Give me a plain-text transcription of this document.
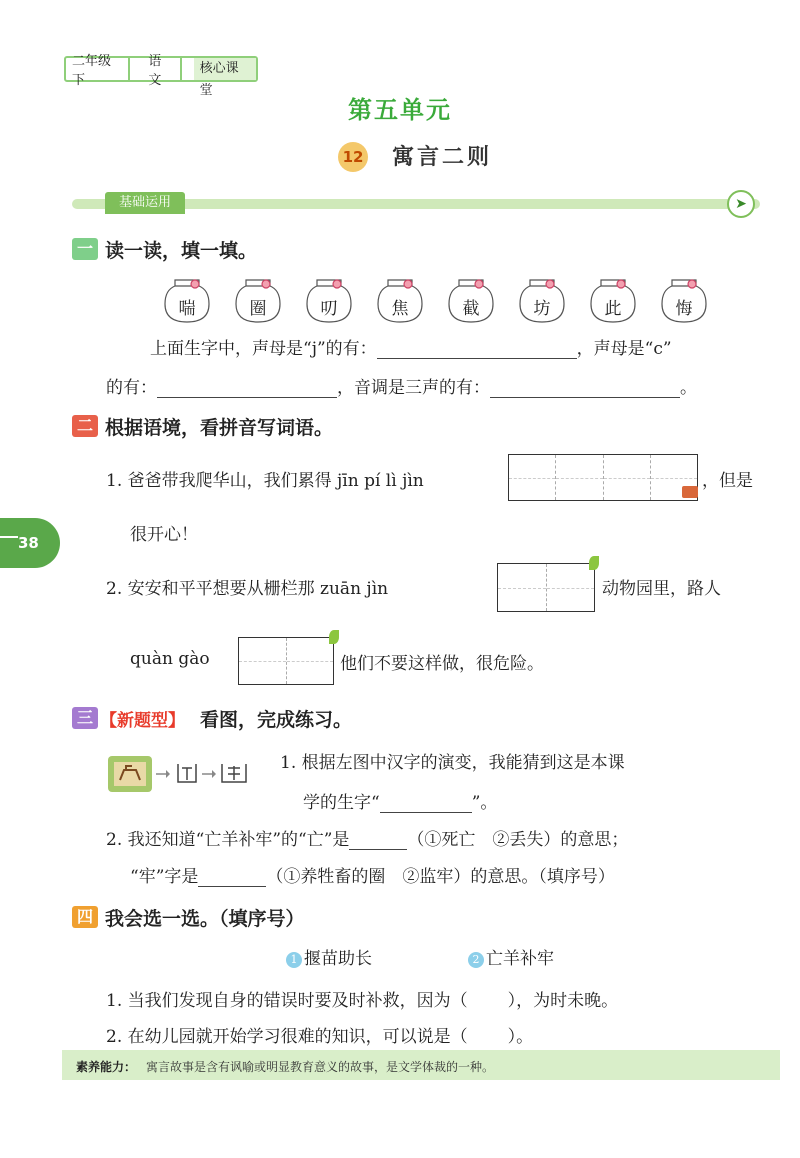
二年级下
语文
核心课堂
第五单元
12 寓言二则
基础运用	➤
38
一 读一读，填一填。
喘	圈	叨	焦	截	坊	此	悔
上面生字中，声母是“j”的有：	，声母是“c”
的有：	，音调是三声的有：	。
二 根据语境，看拼音写词语。
1. 爸爸带我爬华山，我们累得 jīn pí lì jìn	，但是
很开心！
2. 安安和平平想要从栅栏那 zuān jìn	动物园里，路人
quàn gào	他们不要这样做，很危险。
三 【新题型】 看图，完成练习。
1. 根据左图中汉字的演变，我能猜到这是本课
学的生字“	”。
2. 我还知道“亡羊补牢”的“亡”是	（①死亡　②丢失）的意思；
“牢”字是	（①养牲畜的圈　②监牢）的意思。（填序号）
四 我会选一选。（填序号）
1 揠苗助长	2 亡羊补牢
1. 当我们发现自身的错误时要及时补救，因为（ ），为时未晚。
2. 在幼儿园就开始学习很难的知识，可以说是（ ）。
素养能力： 寓言故事是含有讽喻或明显教育意义的故事，是文学体裁的一种。
